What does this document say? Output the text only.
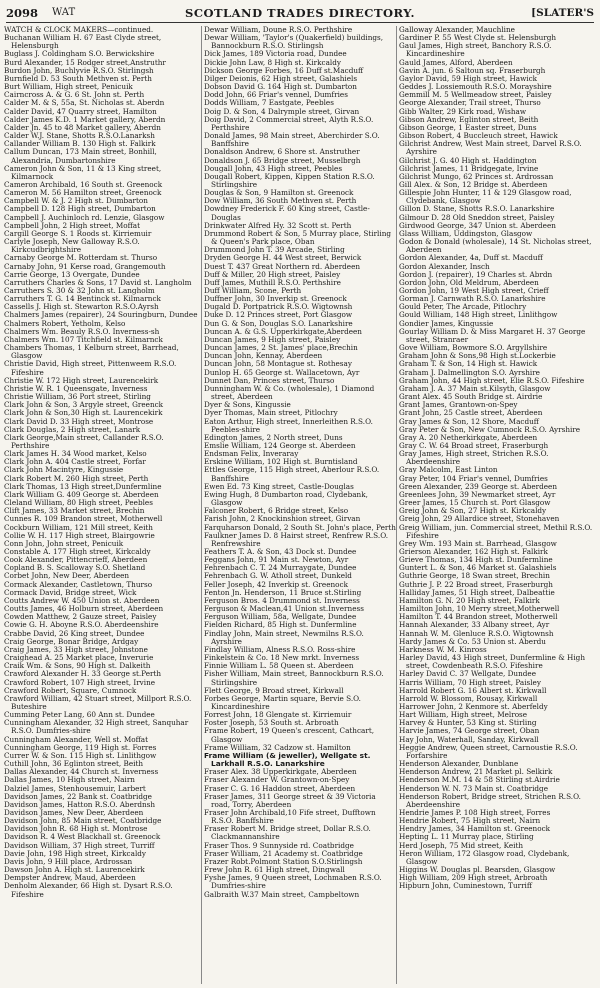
2098 WAT	SCOTLAND TRADES DIRECTORY.	[SLATER'S
WATCH & CLOCK MAKERS—continued.
Buchanan William H. 67 East Clyde street, Helensburgh
Buglass J. Coldingham S.O. Berwickshire
Burd Alexander, 15 Rodger street,Anstruthr
Burdon John, Buchlyvie R.S.O. Stirlingsh
Burnfield D. 53 South Methven st. Perth
Burt William, High street, Penicuik
Cairncross A. & G. 6 St. John st. Perth
Calder M. & S, 55a, St. Nicholas st. Aberdn
Calder David, 47 Quarry street, Hamilton
Calder James K.D. 1 Market gallery, Aberdn
Calder Jn. 45 to 48 Market gallery, Aberdn
Calder W.J. Stane, Shotts R.S.O.Lanarksh
Callander William B. 130 High st. Falkirk
Callum Duncan, 173 Main street, Bonhill, Alexandria, Dumbartonshire
Cameron John & Son, 11 & 13 King street, Kilmarnock
Cameron Archibald, 16 South st. Greenock
Cameron M. 56 Hamilton street, Greenock
Campbell W. & J. 2 High st. Dumbarton
Campbell D. 128 High street, Dumbarton
Campbell J. Auchinloch rd. Lenzie, Glasgow
Campbell John, 2 High street, Moffat
Cargill George S. 1 Roods st. Kirriemuir
Carlyle Joseph, New Galloway R.S.O. Kirkcudbrightshire
Carnaby George M. Rotterdam st. Thurso
Carnaby John, 91 Kerse road, Grangemouth
Carrie George, 13 Overgate, Dundee
Carruthers Charles & Sons, 17 David st. Langholm
Carruthers S. 30 & 32 John st. Langholm
Carruthers T. G. 14 Bentinck st. Kilmarnck
Cassells J. High st. Stewarton R.S.O.Ayrsh
Chalmers James (repairer), 24 Souringburn, Dundee
Chalmers Robert, Yetholm, Kelso
Chalmers Wm. Beauly R.S.O. Inverness-sh
Chalmers Wm. 107 Titchfield st. Kilmarnck
Chambers Thomas, 1 Kelburn street, Barrhead, Glasgow
Christie David, High street, Pittenweem R.S.O. Fifeshire
Christie W. 172 High street, Laurencekirk
Christie W. R. 1 Queensgate, Inverness
Christie William, 36 Port street, Stirling
Clark John & Son, 3 Argyle street, Greenck
Clark John & Son,30 High st. Laurencekirk
Clark David D. 33 High street, Montrose
Clark Douglas, 2 High street, Lanark
Clark George,Main street, Callander R.S.O. Perthshire
Clark James H. 34 Wood market, Kelso
Clark John A. 404 Castle street, Forfar
Clark John Macintyre, Kingussie
Clark Robert M. 260 High street, Perth
Clark Thomas, 13 High street,Dunfermline
Clark William G. 409 George st. Aberdeen
Cleland William, 80 High street, Peebles
Clift James, 33 Market street, Brechin
Cunnes R. 109 Brandon street, Motherwell
Cockburn William, 121 Mill street, Keith
Collie W. H. 117 High street, Blairgowrie
Conn John, John street, Penicuik
Constable A. 177 High street, Kirkcaldy
Cook Alexander, Pittencrieff, Aberdeen
Copland B. S. Scalloway S.O. Shetland
Corbet John, New Deer, Aberdeen
Cormack Alexander, Castletown, Thurso
Cormack David, Bridge street, Wick
Coutts Andrew W. 450 Union st. Aberdeen
Coutts James, 46 Holburn street, Aberdeen
Cowden Matthew, 2 Gauze street, Paisley
Cowie G. H. Aboyne R.S.O. Aberdeenshire
Crabbe David, 26 King street, Dundee
Craig George, Bonar Bridge, Ardgay
Craig James, 33 High street, Johnstone
Craighead A. 25 Market place, Inverurie
Craik Wm. & Sons, 90 High st. Dalkeith
Crawford Alexander H. 33 George st.Perth
Crawford Robert, 107 High street, Irvine
Crawford Robert, Square, Cumnock
Crawford William, 42 Stuart street, Millport R.S.O. Buteshire
Cumming Peter Lang, 60 Ann st. Dundee
Cunningham Alexander, 32 High street, Sanquhar R.S.O. Dumfries-shire
Cunningham Alexander, Well st. Moffat
Cunningham George, 119 High st. Forres
Currer W. & Son. 115 High st. Linlithgow
Cuthill John, 36 Eglinton street, Beith
Dallas Alexander, 44 Church st. Inverness
Dallas James, 10 High street, Nairn
Dalziel James, Stenhousemuir, Larbert
Davidson James, 22 Bank st. Coatbridge
Davidson James, Hatton R.S.O. Aberdnsh
Davidson James, New Deer, Aberdeen
Davidson John, 85 Main street, Coatbridge
Davidson John R. 68 High st. Montrose
Davidson R. 4 West Blackhall st. Greenock
Davidson William, 37 High street, Turriff
Davie John, 198 High street, Kirkcaldy
Davis John, 9 Hill place, Ardrossan
Dawson John A. High st. Laurencekirk
Dempster Andrew, Maud, Aberdeen
Denholm Alexander, 66 High st. Dysart R.S.O. Fifeshire
Dewar William, Doune R.S.O. Perthshire
Dewar William, 'Taylor's (Quakerfield) buildings, Bannockburn R.S.O. Stirlingsh
Dick James, 189 Victoria road, Dundee
Dickie John Law, 8 High st. Kirkcaldy
Dickson George Forbes, 16 Duff st.Macduff
Dilger Deionis, 62 High street, Galashiels
Dobson David G. 164 High st. Dumbarton
Dodd John, 66 Friar's vennel, Dumfries
Dodds William, 7 Eastgate, Peebles
Doig D. & Son, 4 Dalrymple street, Girvan
Doig David, 2 Commercial street, Alyth R.S.O. Perthshire
Donald James, 98 Main street, Aberchirder S.O. Banffshire
Donaldson Andrew, 6 Shore st. Anstruther
Donaldson J. 65 Bridge street, Musselbrgh
Dougall John, 43 High street, Peebles
Dougall Robert, Kippen, Kippen Station R.S.O. Stirlingshire
Douglas & Son, 9 Hamilton st. Greenock
Dow William, 36 South Methven st. Perth
Dowdney Frederick F. 60 King street, Castle-Douglas
Drinkwater Alfred Hy. 32 Scott st. Perth
Drummond Robert & Son, 5 Murray place, Stirling & Queen's Park place, Oban
Drummond John T. 39 Arcade, Stirling
Dryden George H. 44 West street, Berwick
Duest T. 437 Great Northern rd. Aberdeen
Duff & Miller, 20 High street, Paisley
Duff James, Muthill R.S.O. Perthshire
Duff William, Scone, Perth
Duffner John, 30 Inverkip st. Greenock
Dugald D. Portpatrick R.S.O. Wigtownsh
Duke D. 12 Princes street, Port Glasgow
Dun G. & Son, Douglas S.O. Lanarkshire
Duncan A. & G.S. Upperkirkgate,Aberdeen
Duncan James, 9 High street, Paisley
Duncan James, 2 St. James' place,Brechin
Duncan John, Kennay, Aberdeen
Duncan John, 58 Montague st. Rothesay
Dunlop H. 65 George st. Wallacetown, Ayr
Dunnet Dan, Princes street, Thurso
Dunningham W. & Co. (wholesale), 1 Diamond street, Aberdeen
Dyer & Sons, Kingussie
Dyer Thomas, Main street, Pitlochry
Eaton Arthur, High street, Innerleithen R.S.O. Peebles-shire
Edington James, 2 North street, Duns
Emslie William, 124 George st. Aberdeen
Endsman Felix, Inveraray
Erskine William, 102 High st. Burntisland
Ettles George, 115 High street, Aberlour R.S.O. Banffshire
Ewen Ed. 73 King street, Castle-Douglas
Ewing Hugh, 8 Dumbarton road, Clydebank, Glasgow
Falconer Robert, 6 Bridge street, Kelso
Farish John, 2 Knockinshion street, Girvan
Farquharson Donald, 2 South St. John's place, Perth
Faulkner James D. 8 Hairst street, Renfrew R.S.O. Renfrewshire
Feathers T. A. & Son, 43 Dock st. Dundee
Feggans John, 91 Main st. Newton, Ayr
Fehrenbach C. T. 24 Murraygate, Dundee
Fehrenbach G. W. Atholl street, Dunkeld
Feller Joseph, 42 Inverkip st. Greenock
Fenton Jn. Henderson, 11 Bruce st.Stirling
Ferguson Bros. 4 Drummond st. Inverness
Ferguson & Maclean,41 Union st.Inverness
Ferguson William, 58a, Wellgate, Dundee
Fielden Richard, 85 High st. Dunfermline
Findlay John, Main street, Newmilns R.S.O. Ayrshire
Findlay William, Alness R.S.O. Ross-shire
Finkelstein & Co. 18 New mrkt. Inverness
Finnie William L. 58 Queen st. Aberdeen
Fisher William, Main street, Bannockburn R.S.O. Stirlingshire
Flett George, 9 Broad street, Kirkwall
Forbes George, Martin square, Bervie S.O. Kincardineshire
Forrest John, 18 Glengate st. Kirriemuir
Foster Joseph, 53 South st. Arbroath
Frame Robert, 19 Queen's crescent, Cathcart, Glasgow
Frame William, 32 Cadzow st. Hamilton
Frame William (& jeweller), Wellgate st. Larkhall R.S.O. Lanarkshire
Fraser Alex. 38 Upperkirkgate, Aberdeen
Fraser Alexander W. Grantown-on-Spey
Fraser C. G. 16 Haddon street, Aberdeen
Fraser James, 311 George street & 39 Victoria road, Torry, Aberdeen
Fraser John Archibald,10 Fife street, Dufftown R.S.O. Banffshire
Fraser Robert M. Bridge street, Dollar R.S.O. Clackmannanshire
Fraser Thos. 9 Sunnyside rd. Coatbridge
Fraser William, 21 Academy st. Coatbridge
Frazer Robt.Polmont Station S.O.Stirlingsh
Frew John R. 61 High street, Dingwall
Fyshe James, 9 Queen street, Lochmaben R.S.O. Dumfries-shire
Galbraith W.37 Main street, Campbeltown
Galloway Alexander, Mauchline
Gardiner P. 55 West Clyde st. Helensburgh
Gaul James, High street, Banchory R.S.O. Kincardineshire
Gauld James, Alford, Aberdeen
Gavin A. jun. 6 Saltoun sq. Fraserburgh
Gaylor David, 59 High street, Hawick
Geddes J. Lossiemouth R.S.O. Morayshire
Gemmill M. 5 Wellmeadow street, Paisley
George Alexander, Trail street, Thurso
Gibb Walter, 29 Kirk road, Wishaw
Gibson Andrew, Eglinton street, Beith
Gibson George, 1 Easter street, Duns
Gibson Robert, 4 Buccleuch street, Hawick
Gilchrist Andrew, West Main street, Darvel R.S.O. Ayrshire
Gilchrist J. G. 40 High st. Haddington
Gilchrist James, 11 Bridgegate, Irvine
Gilchrist Mungo, 62 Princes st. Ardrossan
Gill Alex. & Son, 12 Bridge st. Aberdeen
Gillespie John Hunter, 11 & 129 Glasgow road, Clydebank, Glasgow
Gillon D. Stane, Shotts R.S.O. Lanarkshire
Gilmour D. 28 Old Sneddon street, Paisley
Girdwood George, 347 Union st. Aberdeen
Glass William, Uddingston, Glasgow
Godon & Donald (wholesale), 14 St. Nicholas street, Aberdeen
Gordon Alexander, 4a, Duff st. Macduff
Gordon Alexander, Insch
Gordon J. (repairer), 19 Charles st. Abrdn
Gordon John, Old Meldrum, Aberdeen
Gordon John, 19 West High street, Crieff
Gorman J. Carnwath R.S.O. Lanarkshire
Gould Peter, The Arcade, Pitlochry
Gould William, 148 High street, Linlithgow
Gondier James, Kingussie
Gourlay William D. & Miss Margaret H. 37 George street, Stranraer
Gove William, Bowmore S.O. Argyllshire
Graham John & Sons,98 High st.Lockerbie
Graham T. & Son, 14 High st. Hawick
Graham J. Dalmellington S.O. Ayrshire
Graham John, 44 High street, Elie R.S.O. Fifeshire
Graham J. A. 37 Main st.Kilsyth, Glasgow
Grant Alex. 45 South Bridge st. Airdrie
Grant James, Grantown-on-Spey
Grant John, 25 Castle street, Aberdeen
Gray James & Son, 12 Shore, Macduff
Gray Peter & Son, New Cumnock R.S.O. Ayrshire
Gray A. 20 Netherkirkgate, Aberdeen
Gray C. W. 64 Broad street, Fraserburgh
Gray James, High street, Strichen R.S.O. Aberdeenshire
Gray Malcolm, East Linton
Gray Peter, 104 Friar's vennel, Dumfries
Green Alexander, 239 George st. Aberdeen
Greenlees John, 39 Newmarket street, Ayr
Greer James, 15 Church st. Port Glasgow
Greig John & Son, 27 High st. Kirkcaldy
Greig John, 29 Allardice street, Stonehaven
Greig William, jun. Commercial street, Methil R.S.O. Fifeshire
Grey Wm. 193 Main st. Barrhead, Glasgow
Grierson Alexander, 162 High st. Falkirk
Grieve Thomas, 134 High st. Dunfermline
Guntert L. & Son, 46 Market st. Galashiels
Guthrie George, 18 Swan street, Brechin
Guthrie J. P. 22 Broad street, Fraserburgh
Halliday James, 51 High street, Dalbeattie
Hamilton G. N. 20 High street, Falkirk
Hamilton John, 10 Merry street,Motherwell
Hamilton T. 44 Brandon street, Motherwell
Hannah Alexander, 33 Albany street, Ayr
Hannah W. M. Glenluce R.S.O. Wigtownsh
Hardy James & Co. 53 Union st. Aberdu
Harkness W. M. Kinross
Harley David, 43 High street, Dunfermline & High street, Cowdenbeath R.S.O. Fifeshire
Harley David C. 37 Wellgate, Dundee
Harris William, 70 High street, Paisley
Harrold Robert G. 16 Albert st. Kirkwall
Harrold W. Blossom, Rousay, Kirkwall
Harrower John, 2 Kenmore st. Aberfeldy
Hart William, High street, Melrose
Harvey & Hunter, 53 King st. Stirling
Harvie James, 74 George street, Oban
Hay John, Waterhall, Sanday, Kirkwall
Heggie Andrew, Queen street, Carnoustie R.S.O. Forfarshire
Henderson Alexander, Dunblane
Henderson Andrew, 21 Market pl. Selkirk
Henderson M.M. 14 & 58 Stirling st.Airdrie
Henderson W. N. 73 Main st. Coatbridge
Henderson Robert, Bridge street, Strichen R.S.O. Aberdeenshire
Hendrie James P. 108 High street, Forres
Hendrie Robert, 75 High street, Nairn
Hendry James, 34 Hamilton st. Greenock
Hepting L. 11 Murray place, Stirling
Herd Joseph, 75 Mid street, Keith
Heron William, 172 Glasgow road, Clydebank, Glasgow
Higgins W. Douglas pl. Bearsden, Glasgow
High William, 209 High street, Arbroath
Hipburn John, Cuminestown, Turriff
